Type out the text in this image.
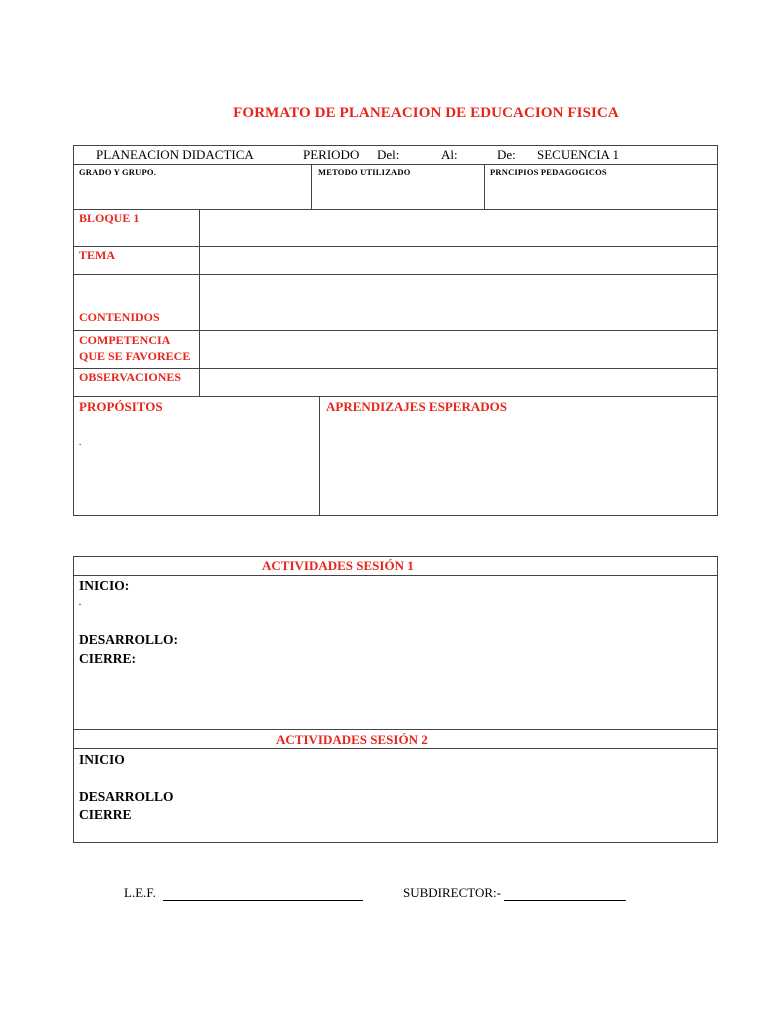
FORMATO DE PLANEACION DE EDUCACION FISICA
PLANEACION DIDACTICA	PERIODO Del:	Al:	De: SECUENCIA 1
GRADO Y GRUPO.	METODO UTILIZADO	PRNCIPIOS PEDAGOGICOS
BLOQUE 1
TEMA
CONTENIDOS
COMPETENCIA
QUE SE FAVORECE
OBSERVACIONES
PROPÓSITOS
.
APRENDIZAJES ESPERADOS
ACTIVIDADES SESIÓN 1
INICIO:
.
DESARROLLO:
CIERRE:
ACTIVIDADES SESIÓN 2
INICIO
DESARROLLO
CIERRE
L.E.F.	SUBDIRECTOR:-
